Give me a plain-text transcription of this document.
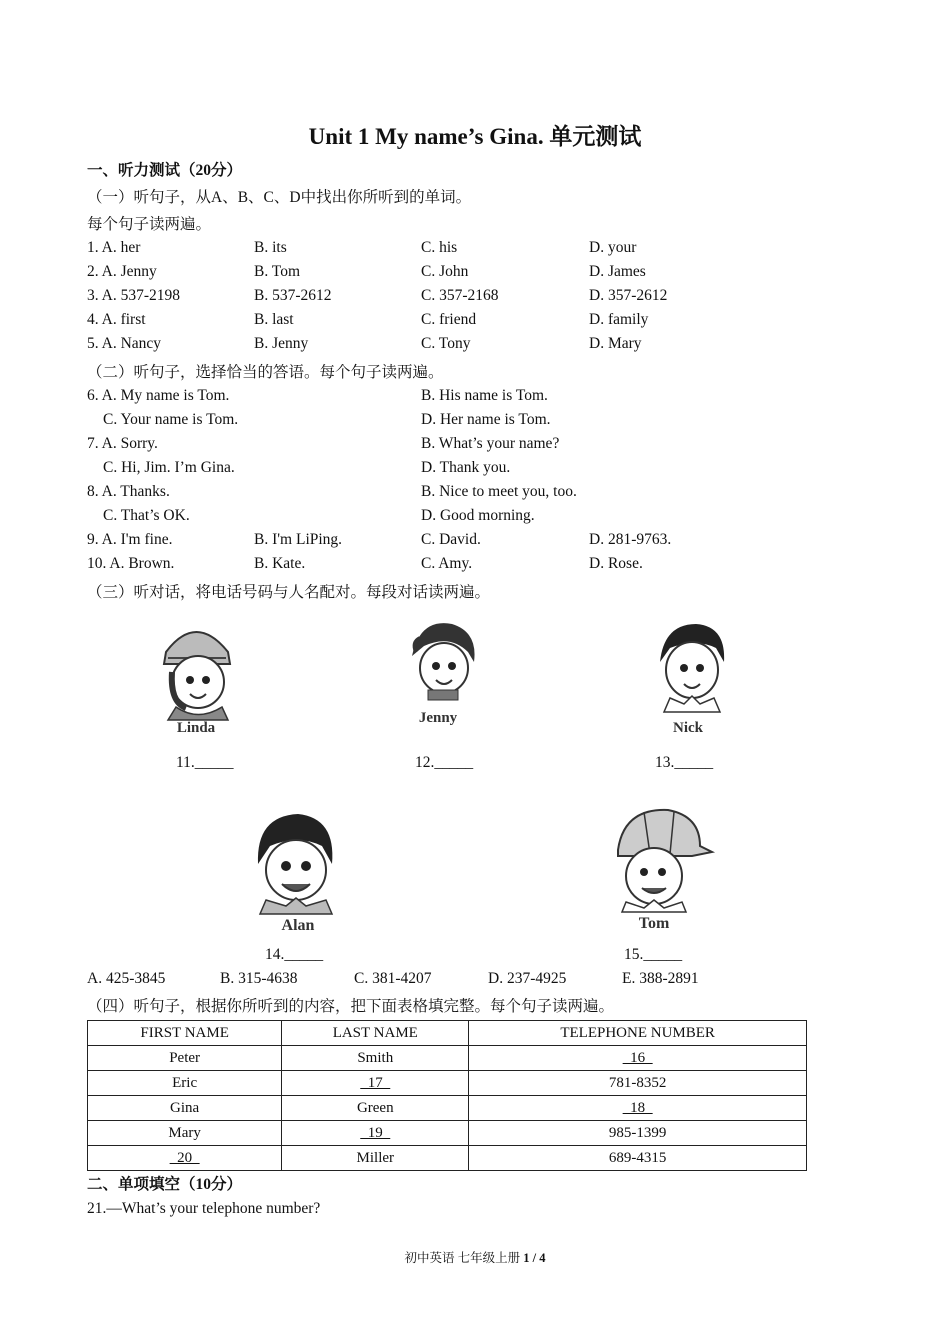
Unit 1 My name’s Gina. 单元测试
一、听力测试（20分）
（一）听句子，从A、B、C、D中找出你所听到的单词。
每个句子读两遍。
1. A. her	B. its	C. his	D. your
2. A. Jenny	B. Tom	C. John	D. James
3. A. 537-2198	B. 537-2612	C. 357-2168	D. 357-2612
4. A. first	B. last	C. friend	D. family
5. A. Nancy	B. Jenny	C. Tony	D. Mary
（二）听句子，选择恰当的答语。每个句子读两遍。
6. A. My name is Tom.	B. His name is Tom.
C. Your name is Tom.	D. Her name is Tom.
7. A. Sorry.	B. What’s your name?
C. Hi, Jim. I’m Gina.	D. Thank you.
8. A. Thanks.	B. Nice to meet you, too.
C. That’s OK.	D. Good morning.
9. A. I'm fine.	B. I'm LiPing.	C. David.	D. 281-9763.
10. A. Brown.	B. Kate.	C. Amy.	D. Rose.
（三）听对话，将电话号码与人名配对。每段对话读两遍。
Linda
Jenny
Nick
11._____	12._____	13._____
Alan	Tom
14._____	15._____
A. 425-3845	B. 315-4638	C. 381-4207	D. 237-4925	E. 388-2891
（四）听句子，根据你所听到的内容，把下面表格填完整。每个句子读两遍。
FIRST NAME	LAST NAME	TELEPHONE NUMBER
Peter	Smith	16
Eric	17	781-8352
Gina	Green	18
Mary	19	985-1399
20	Miller	689-4315
二、单项填空（10分）
21.—What’s your telephone number?
初中英语 七年级上册 1 / 4
